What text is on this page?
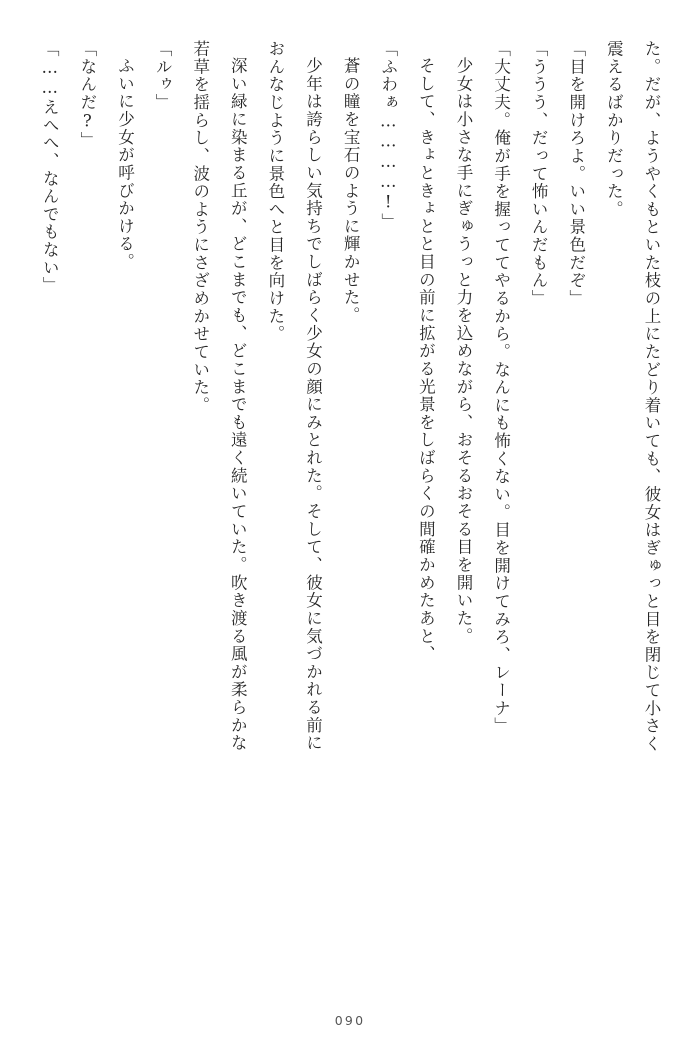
た。だが、ようやくもといた枝の上にたどり着いても、彼女はぎゅっと目を閉じて小さく

震えるばかりだった。

「目を開けろよ。いい景色だぞ」

「ううう、だって怖いんだもん」

「大丈夫。俺が手を握っててやるから。なんにも怖くない。目を開けてみろ、レーナ」

少女は小さな手にぎゅうっと力を込めながら、おそるおそる目を開いた。

そして、きょときょとと目の前に拡がる光景をしばらくの間確かめたあと、

「ふわぁ…………!」

蒼の瞳を宝石のように輝かせた。

少年は誇らしい気持ちでしばらく少女の顔にみとれた。そして、彼女に気づかれる前に

おんなじように景色へと目を向けた。

深い緑に染まる丘が、どこまでも、どこまでも遠く続いていた。吹き渡る風が柔らかな

若草を揺らし、波のようにさざめかせていた。

「ルゥ」

ふいに少女が呼びかける。

「なんだ?」

「……えへへ、なんでもない」

090
